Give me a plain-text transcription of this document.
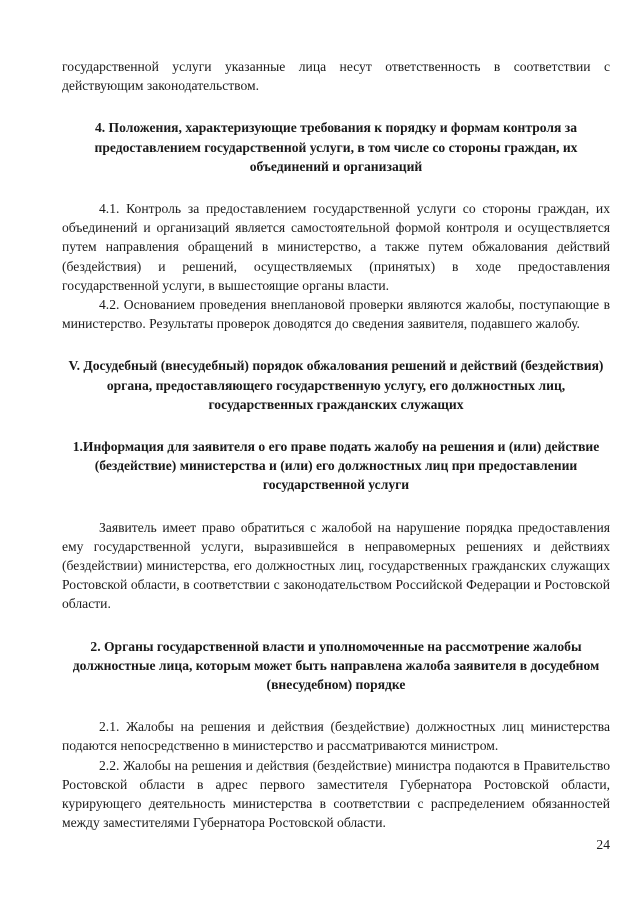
государственной услуги указанные лица несут ответственность в соответствии с действующим законодательством.

4. Положения, характеризующие требования к порядку и формам контроля за предоставлением государственной услуги, в том числе со стороны граждан, их объединений и организаций

4.1. Контроль за предоставлением государственной услуги со стороны граждан, их объединений и организаций является самостоятельной формой контроля и осуществляется путем направления обращений в министерство, а также путем обжалования действий (бездействия) и решений, осуществляемых (принятых) в ходе предоставления государственной услуги, в вышестоящие органы власти.

4.2. Основанием проведения внеплановой проверки являются жалобы, поступающие в министерство. Результаты проверок доводятся до сведения заявителя, подавшего жалобу.

V. Досудебный (внесудебный) порядок обжалования решений и действий (бездействия) органа, предоставляющего государственную услугу, его должностных лиц, государственных гражданских служащих

1.Информация для заявителя о его праве подать жалобу на решения и (или) действие (бездействие) министерства и (или) его должностных лиц при предоставлении государственной услуги

Заявитель имеет право обратиться с жалобой на нарушение порядка предоставления ему государственной услуги, выразившейся в неправомерных решениях и действиях (бездействии) министерства, его должностных лиц, государственных гражданских служащих Ростовской области, в соответствии с законодательством Российской Федерации и Ростовской области.

2. Органы государственной власти и уполномоченные на рассмотрение жалобы должностные лица, которым может быть направлена жалоба заявителя в досудебном (внесудебном) порядке

2.1. Жалобы на решения и действия (бездействие) должностных лиц министерства подаются непосредственно в министерство и рассматриваются министром.

2.2. Жалобы на решения и действия (бездействие) министра подаются в Правительство Ростовской области в адрес первого заместителя Губернатора Ростовской области, курирующего деятельность министерства в соответствии с распределением обязанностей между заместителями Губернатора Ростовской области.

24
